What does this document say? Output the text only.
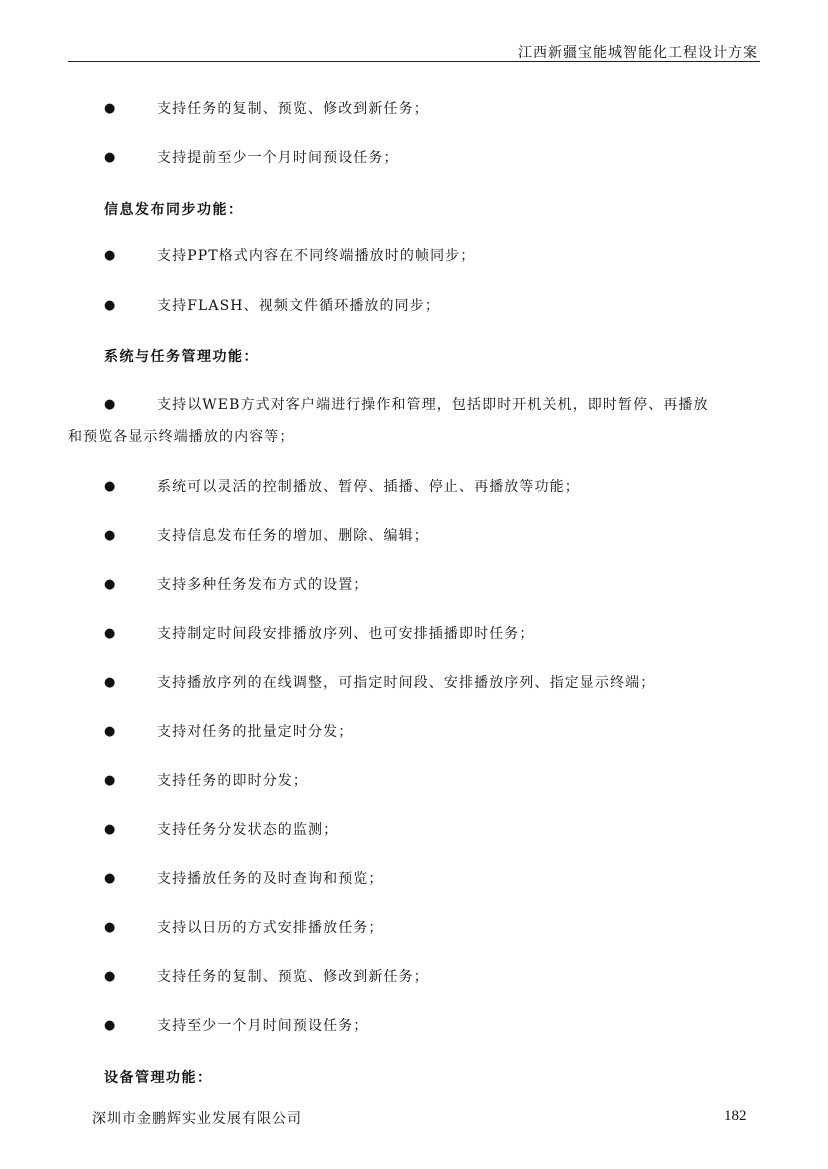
江西新疆宝能城智能化工程设计方案
●	支持任务的复制、预览、修改到新任务；
●	支持提前至少一个月时间预设任务；
信息发布同步功能：
●	支持PPT格式内容在不同终端播放时的帧同步；
●	支持FLASH、视频文件循环播放的同步；
系统与任务管理功能：
●	支持以WEB方式对客户端进行操作和管理，包括即时开机关机，即时暂停、再播放
和预览各显示终端播放的内容等；
●	系统可以灵活的控制播放、暂停、插播、停止、再播放等功能；
●	支持信息发布任务的增加、删除、编辑；
●	支持多种任务发布方式的设置；
●	支持制定时间段安排播放序列、也可安排插播即时任务；
●	支持播放序列的在线调整，可指定时间段、安排播放序列、指定显示终端；
●	支持对任务的批量定时分发；
●	支持任务的即时分发；
●	支持任务分发状态的监测；
●	支持播放任务的及时查询和预览；
●	支持以日历的方式安排播放任务；
●	支持任务的复制、预览、修改到新任务；
●	支持至少一个月时间预设任务；
设备管理功能：
深圳市金鹏辉实业发展有限公司	182
